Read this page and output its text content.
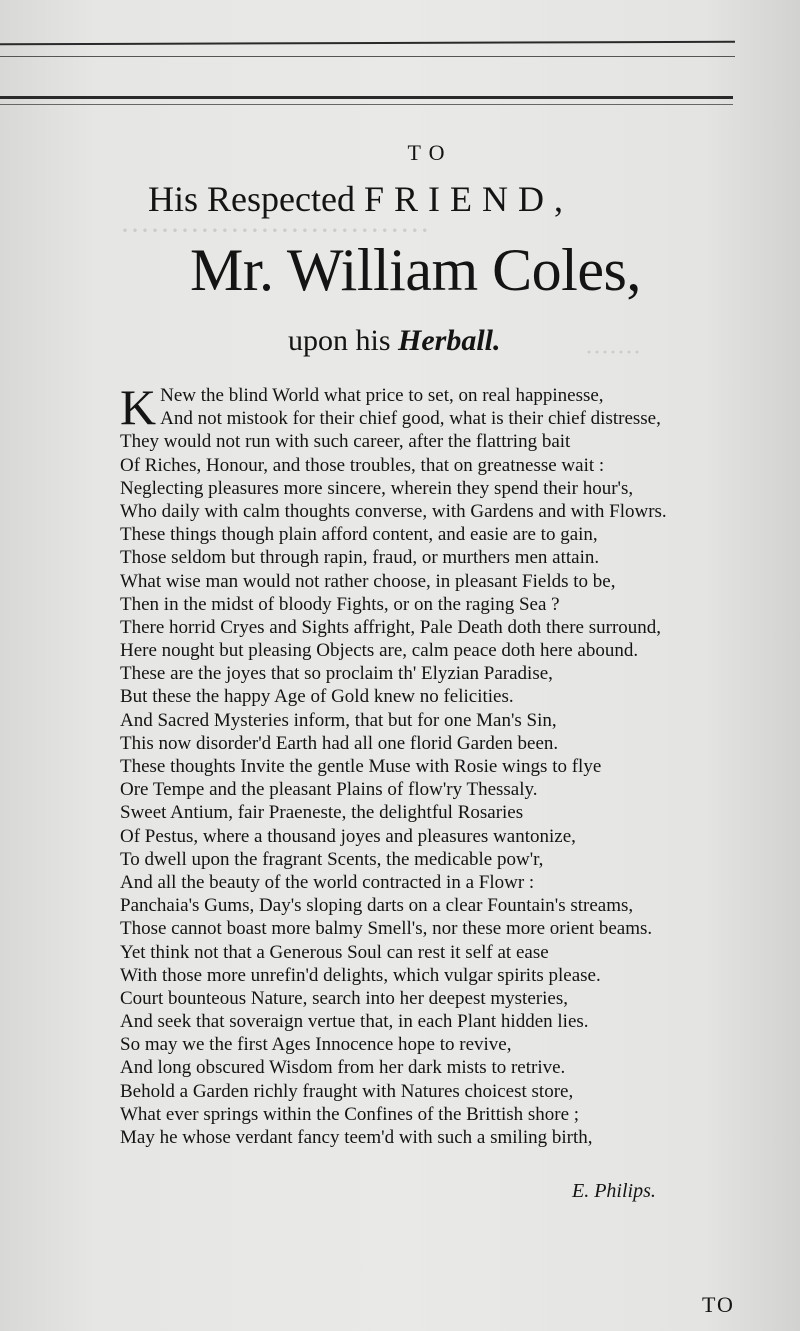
·······························
·······
TO
His Respected FRIEND,
Mr. William Coles,
upon his Herball.
K New the blind World what price to set, on real happinesse,
And not mistook for their chief good, what is their chief distresse,
They would not run with such career, after the flattring bait
Of Riches, Honour, and those troubles, that on greatnesse wait :
Neglecting pleasures more sincere, wherein they spend their hour's,
Who daily with calm thoughts converse, with Gardens and with Flowrs.
These things though plain afford content, and easie are to gain,
Those seldom but through rapin, fraud, or murthers men attain.
What wise man would not rather choose, in pleasant Fields to be,
Then in the midst of bloody Fights, or on the raging Sea ?
There horrid Cryes and Sights affright, Pale Death doth there surround,
Here nought but pleasing Objects are, calm peace doth here abound.
These are the joyes that so proclaim th' Elyzian Paradise,
But these the happy Age of Gold knew no felicities.
And Sacred Mysteries inform, that but for one Man's Sin,
This now disorder'd Earth had all one florid Garden been.
These thoughts Invite the gentle Muse with Rosie wings to flye
Ore Tempe and the pleasant Plains of flow'ry Thessaly.
Sweet Antium, fair Praeneste, the delightful Rosaries
Of Pestus, where a thousand joyes and pleasures wantonize,
To dwell upon the fragrant Scents, the medicable pow'r,
And all the beauty of the world contracted in a Flowr :
Panchaia's Gums, Day's sloping darts on a clear Fountain's streams,
Those cannot boast more balmy Smell's, nor these more orient beams.
Yet think not that a Generous Soul can rest it self at ease
With those more unrefin'd delights, which vulgar spirits please.
Court bounteous Nature, search into her deepest mysteries,
And seek that soveraign vertue that, in each Plant hidden lies.
So may we the first Ages Innocence hope to revive,
And long obscured Wisdom from her dark mists to retrive.
Behold a Garden richly fraught with Natures choicest store,
What ever springs within the Confines of the Brittish shore ;
May he whose verdant fancy teem'd with such a smiling birth,
E. Philips.
TO
